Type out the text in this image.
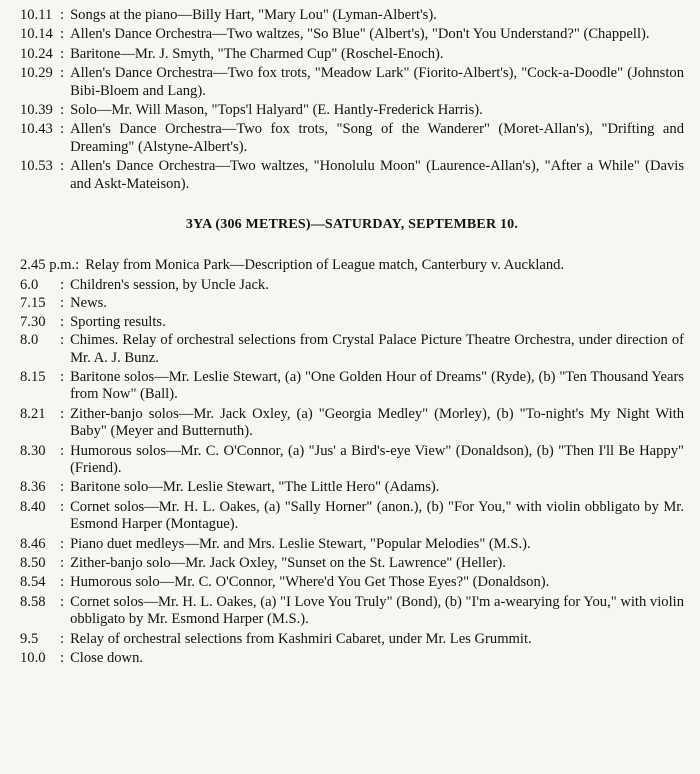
10.11 : Songs at the piano—Billy Hart, "Mary Lou" (Lyman-Albert's).
10.14 : Allen's Dance Orchestra—Two waltzes, "So Blue" (Albert's), "Don't You Understand?" (Chappell).
10.24 : Baritone—Mr. J. Smyth, "The Charmed Cup" (Roschel-Enoch).
10.29 : Allen's Dance Orchestra—Two fox trots, "Meadow Lark" (Fiorito-Albert's), "Cock-a-Doodle" (Johnston Bibi-Bloem and Lang).
10.39 : Solo—Mr. Will Mason, "Tops'l Halyard" (E. Hantly-Frederick Harris).
10.43 : Allen's Dance Orchestra—Two fox trots, "Song of the Wanderer" (Moret-Allan's), "Drifting and Dreaming" (Alstyne-Albert's).
10.53 : Allen's Dance Orchestra—Two waltzes, "Honolulu Moon" (Laurence-Allan's), "After a While" (Davis and Askt-Mateison).
3YA (306 METRES)—SATURDAY, SEPTEMBER 10.
2.45 p.m. : Relay from Monica Park—Description of League match, Canterbury v. Auckland.
6.0	: Children's session, by Uncle Jack.
7.15 : News.
7.30 : Sporting results.
8.0	: Chimes. Relay of orchestral selections from Crystal Palace Picture Theatre Orchestra, under direction of Mr. A. J. Bunz.
8.15 : Baritone solos—Mr. Leslie Stewart, (a) "One Golden Hour of Dreams" (Ryde), (b) "Ten Thousand Years from Now" (Ball).
8.21 : Zither-banjo solos—Mr. Jack Oxley, (a) "Georgia Medley" (Morley), (b) "To-night's My Night With Baby" (Meyer and Butternuth).
8.30 : Humorous solos—Mr. C. O'Connor, (a) "Jus' a Bird's-eye View" (Donaldson), (b) "Then I'll Be Happy" (Friend).
8.36 : Baritone solo—Mr. Leslie Stewart, "The Little Hero" (Adams).
8.40 : Cornet solos—Mr. H. L. Oakes, (a) "Sally Horner" (anon.), (b) "For You," with violin obbligato by Mr. Esmond Harper (Montague).
8.46 : Piano duet medleys—Mr. and Mrs. Leslie Stewart, "Popular Melodies" (M.S.).
8.50 : Zither-banjo solo—Mr. Jack Oxley, "Sunset on the St. Lawrence" (Heller).
8.54 : Humorous solo—Mr. C. O'Connor, "Where'd You Get Those Eyes?" (Donaldson).
8.58 : Cornet solos—Mr. H. L. Oakes, (a) "I Love You Truly" (Bond), (b) "I'm a-wearying for You," with violin obbligato by Mr. Esmond Harper (M.S.).
9.5	: Relay of orchestral selections from Kashmiri Cabaret, under Mr. Les Grummit.
10.0 : Close down.
